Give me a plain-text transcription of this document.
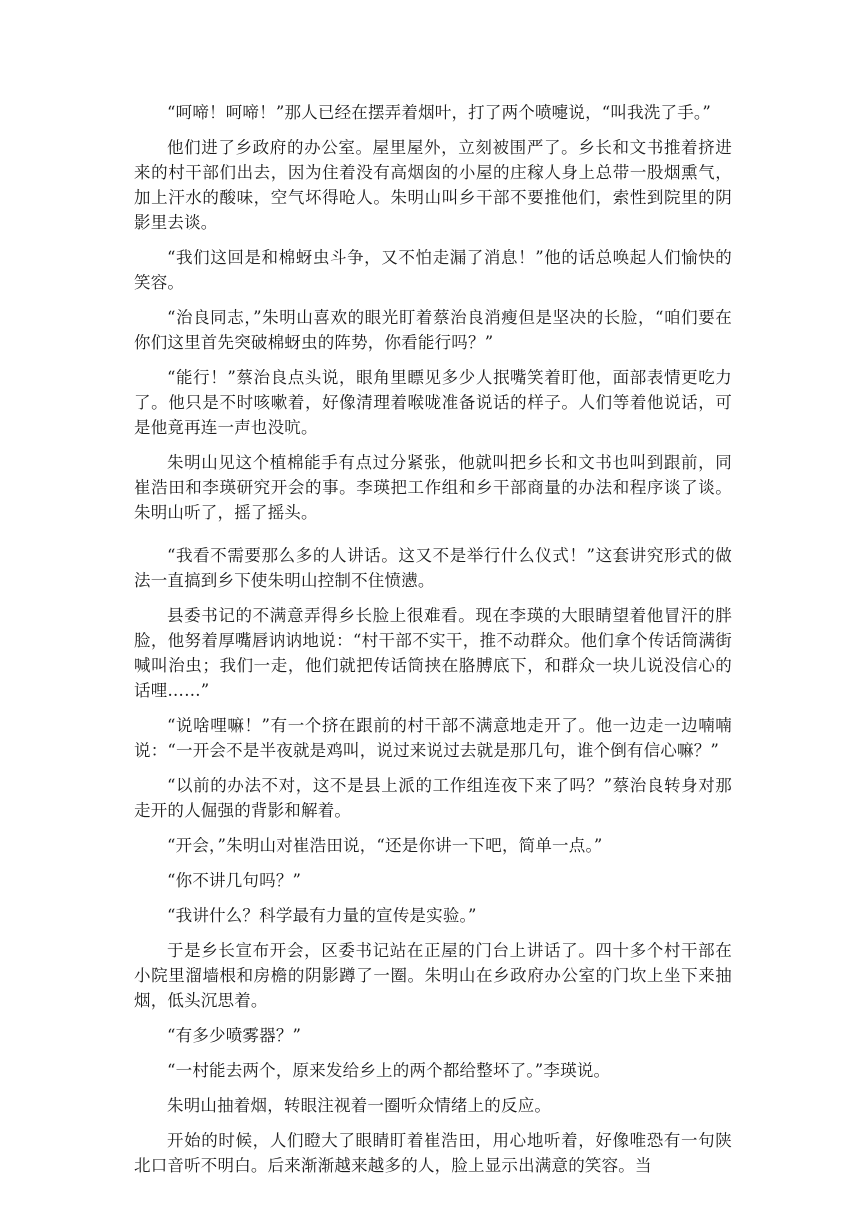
“呵啼！呵啼！”那人已经在摆弄着烟叶，打了两个喷嚏说，“叫我洗了手。”

他们进了乡政府的办公室。屋里屋外，立刻被围严了。乡长和文书推着挤进来的村干部们出去，因为住着没有高烟囱的小屋的庄稼人身上总带一股烟熏气，加上汗水的酸味，空气坏得呛人。朱明山叫乡干部不要推他们，索性到院里的阴影里去谈。

“我们这回是和棉蚜虫斗争，又不怕走漏了消息！”他的话总唤起人们愉快的笑容。

“治良同志，”朱明山喜欢的眼光盯着蔡治良消瘦但是坚决的长脸，“咱们要在你们这里首先突破棉蚜虫的阵势，你看能行吗？”

“能行！”蔡治良点头说，眼角里瞟见多少人抿嘴笑着盯他，面部表情更吃力了。他只是不时咳嗽着，好像清理着喉咙准备说话的样子。人们等着他说话，可是他竟再连一声也没吭。

朱明山见这个植棉能手有点过分紧张，他就叫把乡长和文书也叫到跟前，同崔浩田和李瑛研究开会的事。李瑛把工作组和乡干部商量的办法和程序谈了谈。朱明山听了，摇了摇头。

“我看不需要那么多的人讲话。这又不是举行什么仪式！”这套讲究形式的做法一直搞到乡下使朱明山控制不住愤懑。

县委书记的不满意弄得乡长脸上很难看。现在李瑛的大眼睛望着他冒汗的胖脸，他努着厚嘴唇讷讷地说：“村干部不实干，推不动群众。他们拿个传话筒满街喊叫治虫；我们一走，他们就把传话筒挟在胳膊底下，和群众一块儿说没信心的话哩……”

“说啥哩嘛！”有一个挤在跟前的村干部不满意地走开了。他一边走一边喃喃说：“一开会不是半夜就是鸡叫，说过来说过去就是那几句，谁个倒有信心嘛？”

“以前的办法不对，这不是县上派的工作组连夜下来了吗？”蔡治良转身对那走开的人倔强的背影和解着。

“开会，”朱明山对崔浩田说，“还是你讲一下吧，简单一点。”

“你不讲几句吗？”

“我讲什么？科学最有力量的宣传是实验。”

于是乡长宣布开会，区委书记站在正屋的门台上讲话了。四十多个村干部在小院里溜墙根和房檐的阴影蹲了一圈。朱明山在乡政府办公室的门坎上坐下来抽烟，低头沉思着。

“有多少喷雾器？”

“一村能去两个，原来发给乡上的两个都给整坏了。”李瑛说。

朱明山抽着烟，转眼注视着一圈听众情绪上的反应。

开始的时候，人们瞪大了眼睛盯着崔浩田，用心地听着，好像唯恐有一句陕北口音听不明白。后来渐渐越来越多的人，脸上显示出满意的笑容。当
